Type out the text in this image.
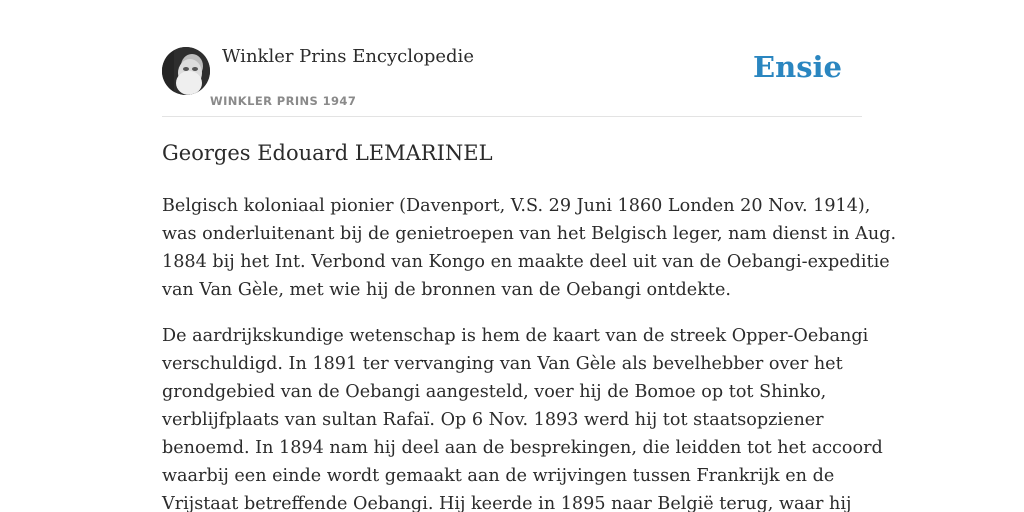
Winkler Prins Encyclopedie
WINKLER PRINS 1947
Ensie
Georges Edouard LEMARINEL

Belgisch koloniaal pionier (Davenport, V.S. 29 Juni 1860 Londen 20 Nov. 1914),
was onderluitenant bij de genietroepen van het Belgisch leger, nam dienst in Aug.
1884 bij het Int. Verbond van Kongo en maakte deel uit van de Oebangi-expeditie
van Van Gèle, met wie hij de bronnen van de Oebangi ontdekte.

De aardrijkskundige wetenschap is hem de kaart van de streek Opper-Oebangi
verschuldigd. In 1891 ter vervanging van Van Gèle als bevelhebber over het
grondgebied van de Oebangi aangesteld, voer hij de Bomoe op tot Shinko,
verblijfplaats van sultan Rafaï. Op 6 Nov. 1893 werd hij tot staatsopziener
benoemd. In 1894 nam hij deel aan de besprekingen, die leidden tot het accoord
waarbij een einde wordt gemaakt aan de wrijvingen tussen Frankrijk en de
Vrijstaat betreffende Oebangi. Hij keerde in 1895 naar België terug, waar hij
